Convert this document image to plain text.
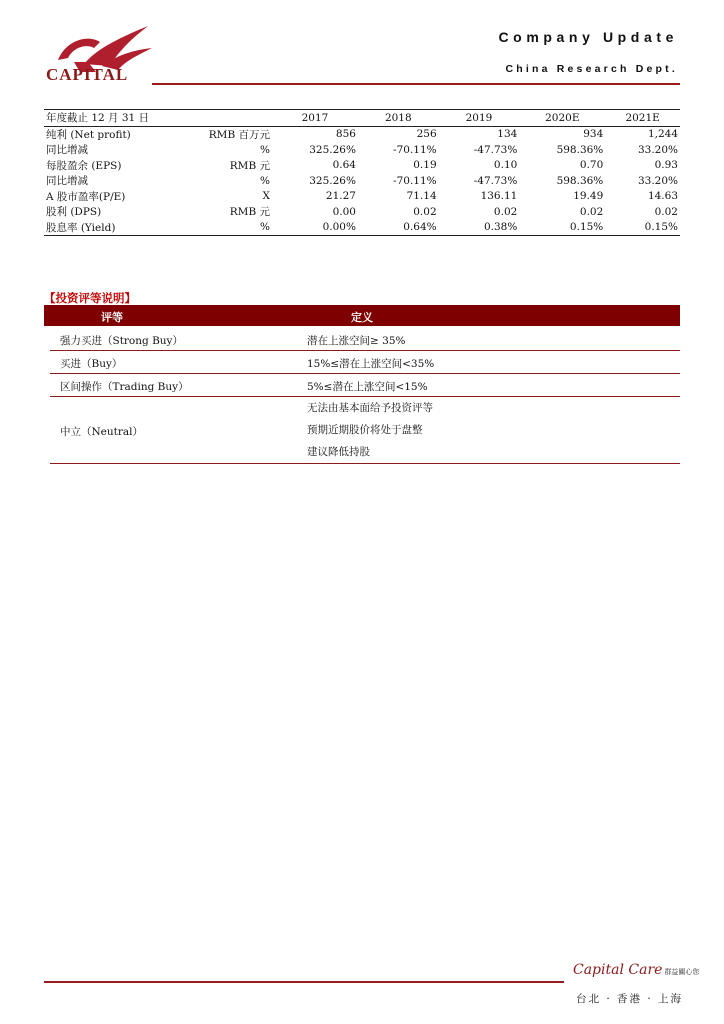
CAPITAL
Company Update
China Research Dept.
年度截止 12 月 31 日		2017	2018	2019	2020E	2021E
纯利 (Net profit)	RMB 百万元	856	256	134	934	1,244
同比增减	%	325.26%	-70.11%	-47.73%	598.36%	33.20%
每股盈余 (EPS)	RMB 元	0.64	0.19	0.10	0.70	0.93
同比增减	%	325.26%	-70.11%	-47.73%	598.36%	33.20%
A 股市盈率(P/E)	X	21.27	71.14	136.11	19.49	14.63
股利 (DPS)	RMB 元	0.00	0.02	0.02	0.02	0.02
股息率 (Yield)	%	0.00%	0.64%	0.38%	0.15%	0.15%
【投资评等说明】
评等	定义
强力买进（Strong Buy）	潜在上涨空间≥ 35%
买进（Buy）	15%≤潜在上涨空间<35%
区间操作（Trading Buy）	5%≤潜在上涨空间<15%
中立（Neutral）
无法由基本面给予投资评等
预期近期股价将处于盘整
建议降低持股
Capital Care 群益關心您
台北 · 香港 · 上海
